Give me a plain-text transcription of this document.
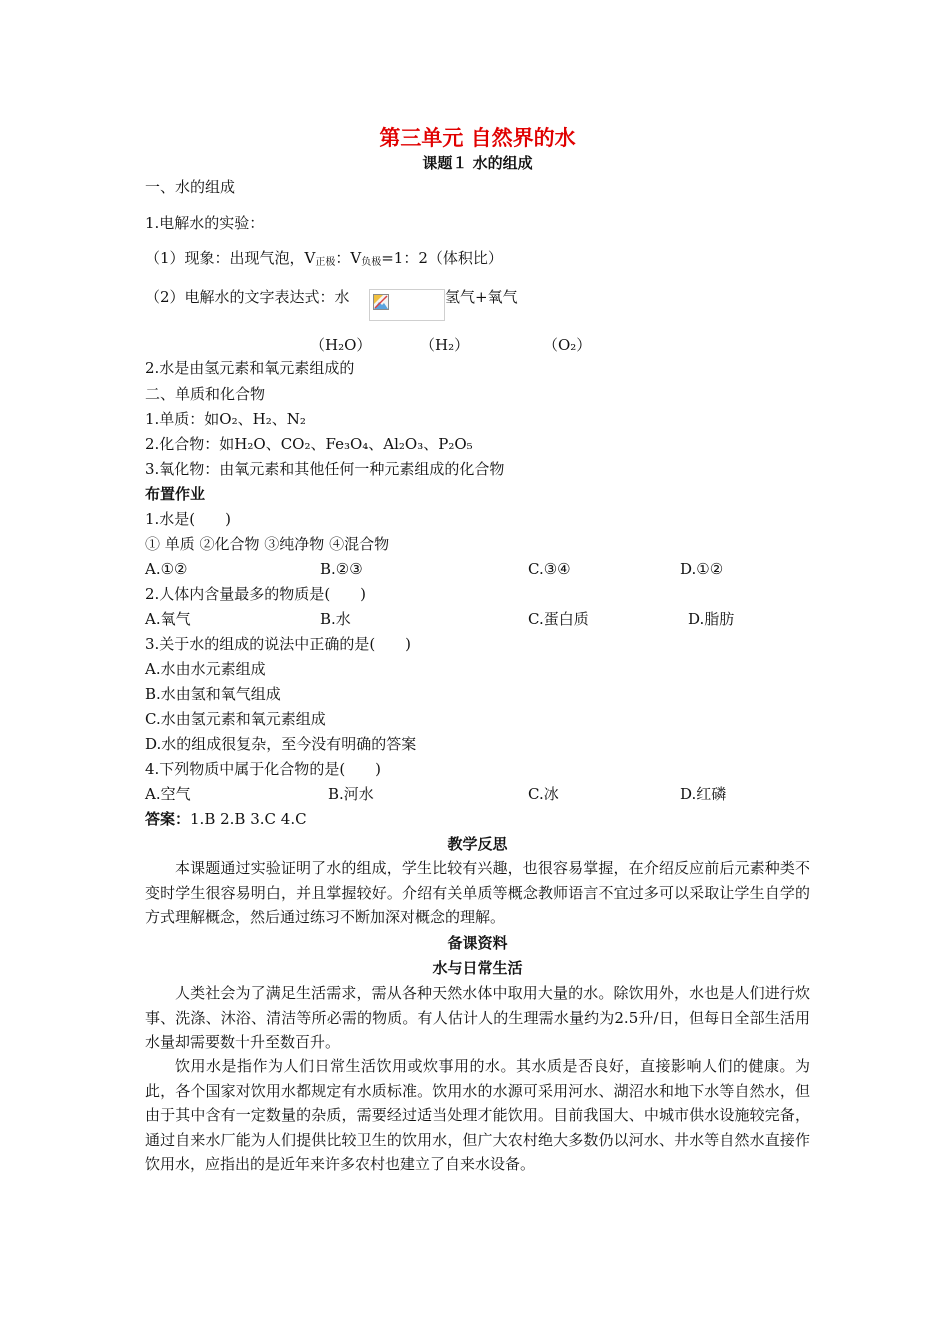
第三单元 自然界的水
课题１ 水的组成
一、水的组成
1.电解水的实验：
（1）现象：出现气泡，$V_{正极}$：$V_{负极}=1$：2（体积比）
（2）电解水的文字表达式：水	氢气+氧气
（H₂O）	（H₂）	（O₂）
2.水是由氢元素和氧元素组成的
二、单质和化合物
1.单质：如O₂、H₂、N₂
2.化合物：如H₂O、CO₂、Fe₃O₄、Al₂O₃、P₂O₅
3.氧化物：由氧元素和其他任何一种元素组成的化合物
布置作业
1.水是(　　)
① 单质 ②化合物 ③纯净物 ④混合物
A.①②	B.②③	C.③④	D.①②
2.人体内含量最多的物质是(　　)
A.氧气	B.水	C.蛋白质	D.脂肪
3.关于水的组成的说法中正确的是(　　)
A.水由水元素组成
B.水由氢和氧气组成
C.水由氢元素和氧元素组成
D.水的组成很复杂，至今没有明确的答案
4.下列物质中属于化合物的是(　　)
A.空气	B.河水	C.冰	D.红磷
答案：1.B 2.B 3.C 4.C
教学反思
本课题通过实验证明了水的组成，学生比较有兴趣，也很容易掌握，在介绍反应前后元素种类不变时学生很容易明白，并且掌握较好。介绍有关单质等概念教师语言不宜过多可以采取让学生自学的方式理解概念，然后通过练习不断加深对概念的理解。
备课资料
水与日常生活
人类社会为了满足生活需求，需从各种天然水体中取用大量的水。除饮用外，水也是人们进行炊事、洗涤、沐浴、清洁等所必需的物质。有人估计人的生理需水量约为2.5升/日，但每日全部生活用水量却需要数十升至数百升。
饮用水是指作为人们日常生活饮用或炊事用的水。其水质是否良好，直接影响人们的健康。为此，各个国家对饮用水都规定有水质标准。饮用水的水源可采用河水、湖沼水和地下水等自然水，但由于其中含有一定数量的杂质，需要经过适当处理才能饮用。目前我国大、中城市供水设施较完备，通过自来水厂能为人们提供比较卫生的饮用水，但广大农村绝大多数仍以河水、井水等自然水直接作饮用水，应指出的是近年来许多农村也建立了自来水设备。
